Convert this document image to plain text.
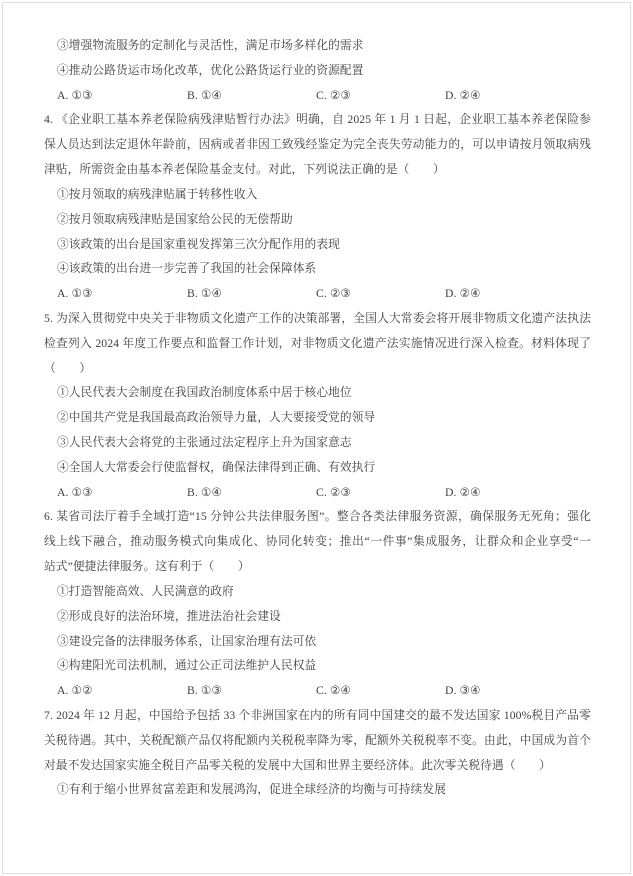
③增强物流服务的定制化与灵活性，满足市场多样化的需求
④推动公路货运市场化改革，优化公路货运行业的资源配置
A. ①③	B. ①④	C. ②③	D. ②④
4. 《企业职工基本养老保险病残津贴暂行办法》明确，自 2025 年 1 月 1 日起，企业职工基本养老保险参
保人员达到法定退休年龄前，因病或者非因工致残经鉴定为完全丧失劳动能力的，可以申请按月领取病残
津贴，所需资金由基本养老保险基金支付。对此，下列说法正确的是（　　）
①按月领取的病残津贴属于转移性收入
②按月领取病残津贴是国家给公民的无偿帮助
③该政策的出台是国家重视发挥第三次分配作用的表现
④该政策的出台进一步完善了我国的社会保障体系
A. ①③	B. ①④	C. ②③	D. ②④
5. 为深入贯彻党中央关于非物质文化遗产工作的决策部署，全国人大常委会将开展非物质文化遗产法执法
检查列入 2024 年度工作要点和监督工作计划，对非物质文化遗产法实施情况进行深入检查。材料体现了
（　　）
①人民代表大会制度在我国政治制度体系中居于核心地位
②中国共产党是我国最高政治领导力量，人大要接受党的领导
③人民代表大会将党的主张通过法定程序上升为国家意志
④全国人大常委会行使监督权，确保法律得到正确、有效执行
A. ①③	B. ①④	C. ②③	D. ②④
6. 某省司法厅着手全域打造“15 分钟公共法律服务图”。整合各类法律服务资源，确保服务无死角；强化
线上线下融合，推动服务模式向集成化、协同化转变；推出“一件事”集成服务，让群众和企业享受“一
站式”便捷法律服务。这有利于（　　）
①打造智能高效、人民满意的政府
②形成良好的法治环境，推进法治社会建设
③建设完备的法律服务体系，让国家治理有法可依
④构建阳光司法机制，通过公正司法维护人民权益
A. ①②	B. ①③	C. ②④	D. ③④
7. 2024 年 12 月起，中国给予包括 33 个非洲国家在内的所有同中国建交的最不发达国家 100%税目产品零
关税待遇。其中，关税配额产品仅将配额内关税税率降为零，配额外关税税率不变。由此，中国成为首个
对最不发达国家实施全税目产品零关税的发展中大国和世界主要经济体。此次零关税待遇（　　）
①有利于缩小世界贫富差距和发展鸿沟，促进全球经济的均衡与可持续发展
